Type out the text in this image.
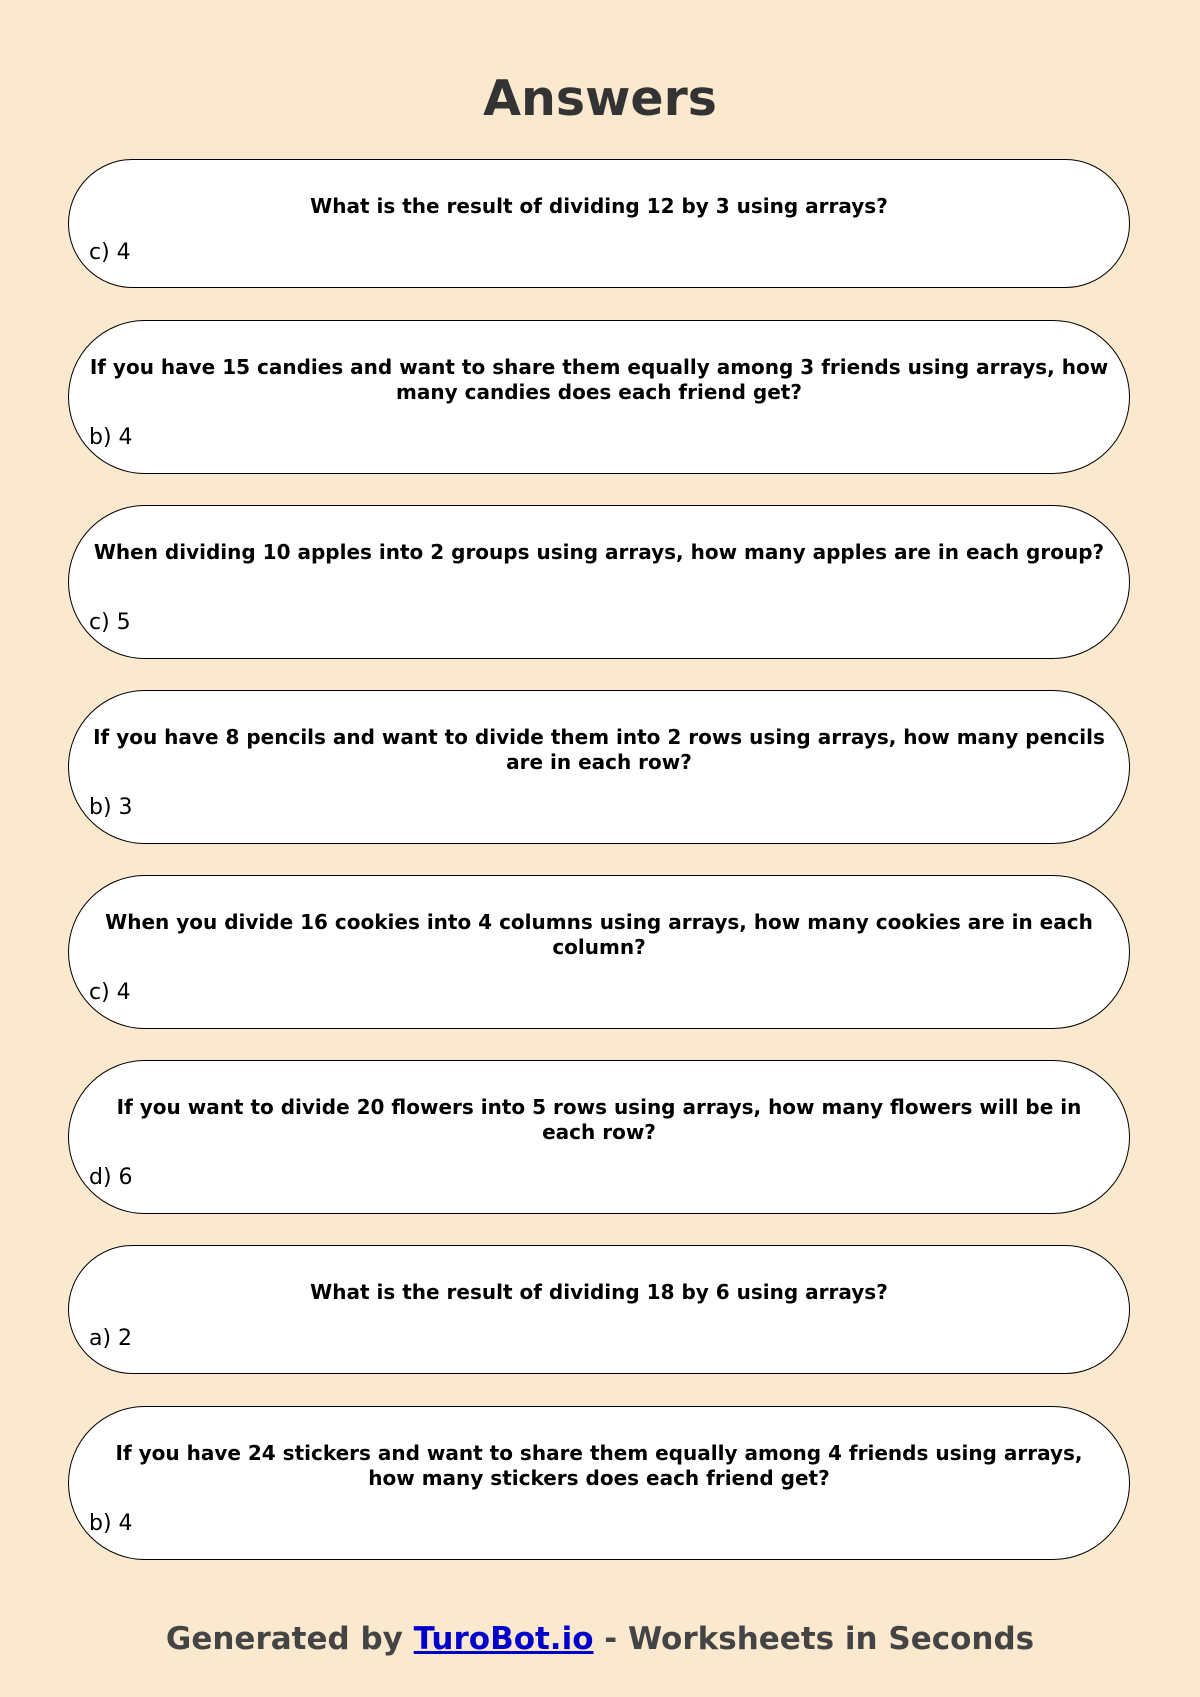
Answers

What is the result of dividing 12 by 3 using arrays?

c) 4

If you have 15 candies and want to share them equally among 3 friends using arrays, how many candies does each friend get?

b) 4

When dividing 10 apples into 2 groups using arrays, how many apples are in each group?

c) 5

If you have 8 pencils and want to divide them into 2 rows using arrays, how many pencils are in each row?

b) 3

When you divide 16 cookies into 4 columns using arrays, how many cookies are in each column?

c) 4

If you want to divide 20 flowers into 5 rows using arrays, how many flowers will be in each row?

d) 6

What is the result of dividing 18 by 6 using arrays?

a) 2

If you have 24 stickers and want to share them equally among 4 friends using arrays, how many stickers does each friend get?

b) 4

Generated by TuroBot.io - Worksheets in Seconds
